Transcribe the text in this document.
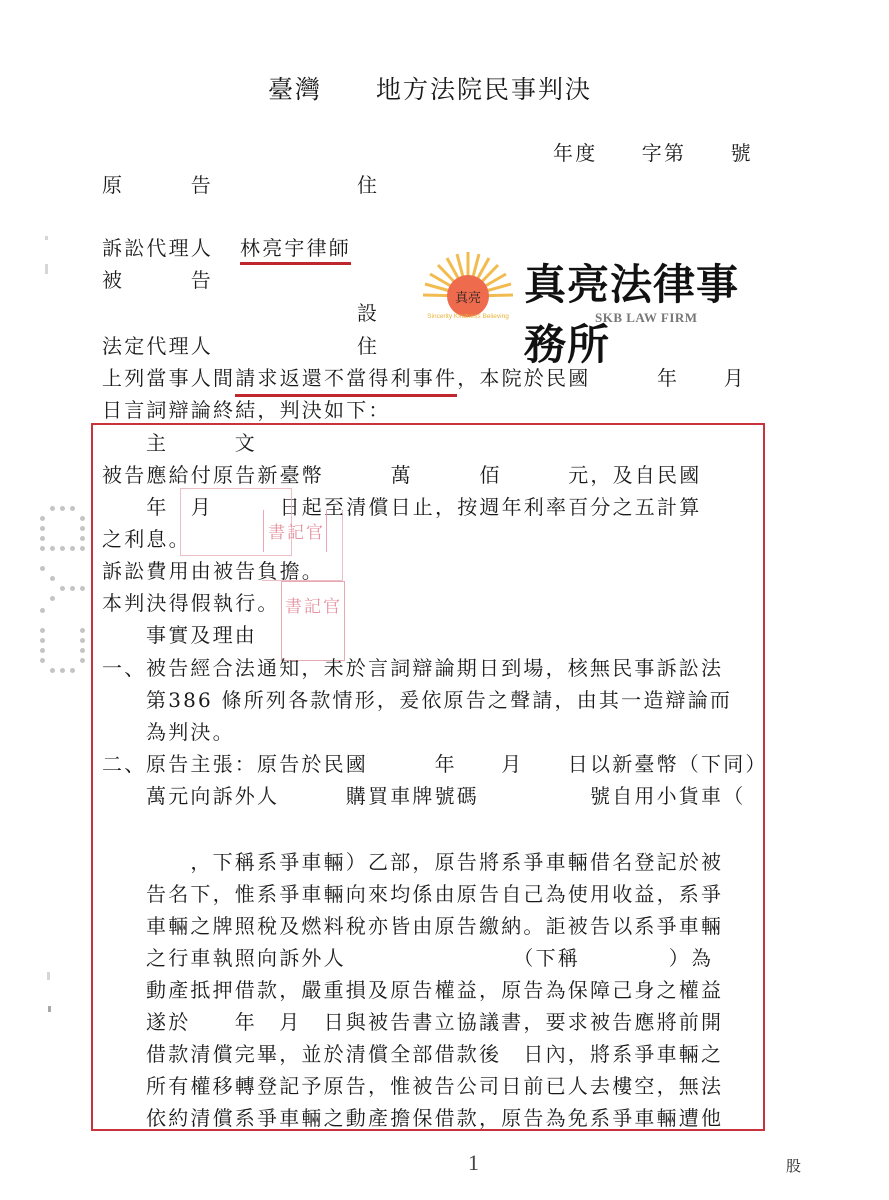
臺灣　　地方法院民事判決
年度　　字第　　號
原　　　告	住
訴訟代理人 林亮宇律師
被　　　告
設
法定代理人	住
真亮
Sincerity Kindness Believing
真亮法律事務所
SKB LAW FIRM
上列當事人間請求返還不當得利事件，本院於民國　　　年　　月
日言詞辯論終結，判決如下：
主　　　文
被告應給付原告新臺幣　　　萬　　　佰　　　元，及自民國
　　年　月　　　日起至清償日止，按週年利率百分之五計算
之利息。
訴訟費用由被告負擔。
本判決得假執行。
書記官
書記官
事實及理由
一、 被告經合法通知，未於言詞辯論期日到場，核無民事訴訟法
第386 條所列各款情形，爰依原告之聲請，由其一造辯論而
為判決。
二、 原告主張：原告於民國　　　年　　月　　日以新臺幣（下同）
萬元向訴外人　　　購買車牌號碼　　　　　號自用小貨車（
　　，下稱系爭車輛）乙部，原告將系爭車輛借名登記於被
告名下，惟系爭車輛向來均係由原告自己為使用收益，系爭
車輛之牌照稅及燃料稅亦皆由原告繳納。詎被告以系爭車輛
之行車執照向訴外人　　　　　　　　（下稱　　　　）為
動產抵押借款，嚴重損及原告權益，原告為保障己身之權益
遂於　　年　月　日與被告書立協議書，要求被告應將前開
借款清償完畢，並於清償全部借款後　日內，將系爭車輛之
所有權移轉登記予原告，惟被告公司日前已人去樓空，無法
依約清償系爭車輛之動產擔保借款，原告為免系爭車輛遭他
1	股
